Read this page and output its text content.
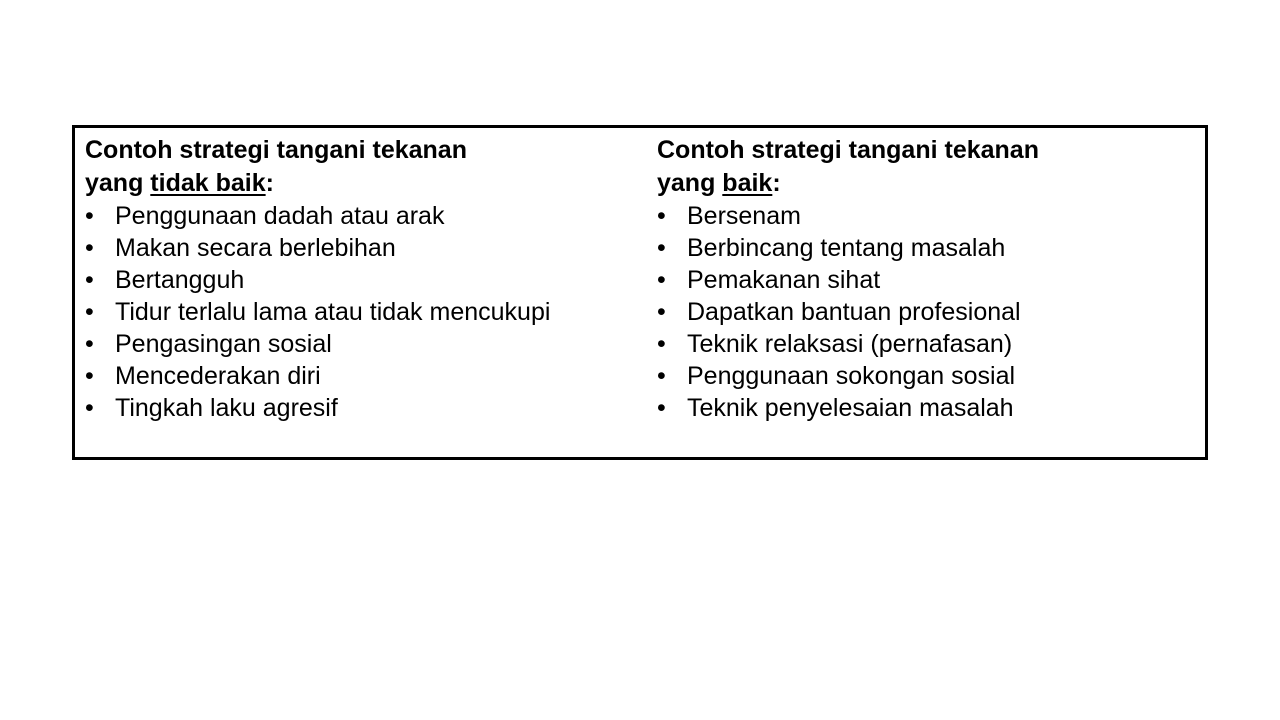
Contoh strategi tangani tekanan
yang tidak baik:

• Penggunaan dadah atau arak
• Makan secara berlebihan
• Bertangguh
• Tidur terlalu lama atau tidak mencukupi
• Pengasingan sosial
• Mencederakan diri
• Tingkah laku agresif

Contoh strategi tangani tekanan
yang baik:

• Bersenam
• Berbincang tentang masalah
• Pemakanan sihat
• Dapatkan bantuan profesional
• Teknik relaksasi (pernafasan)
• Penggunaan sokongan sosial
• Teknik penyelesaian masalah
